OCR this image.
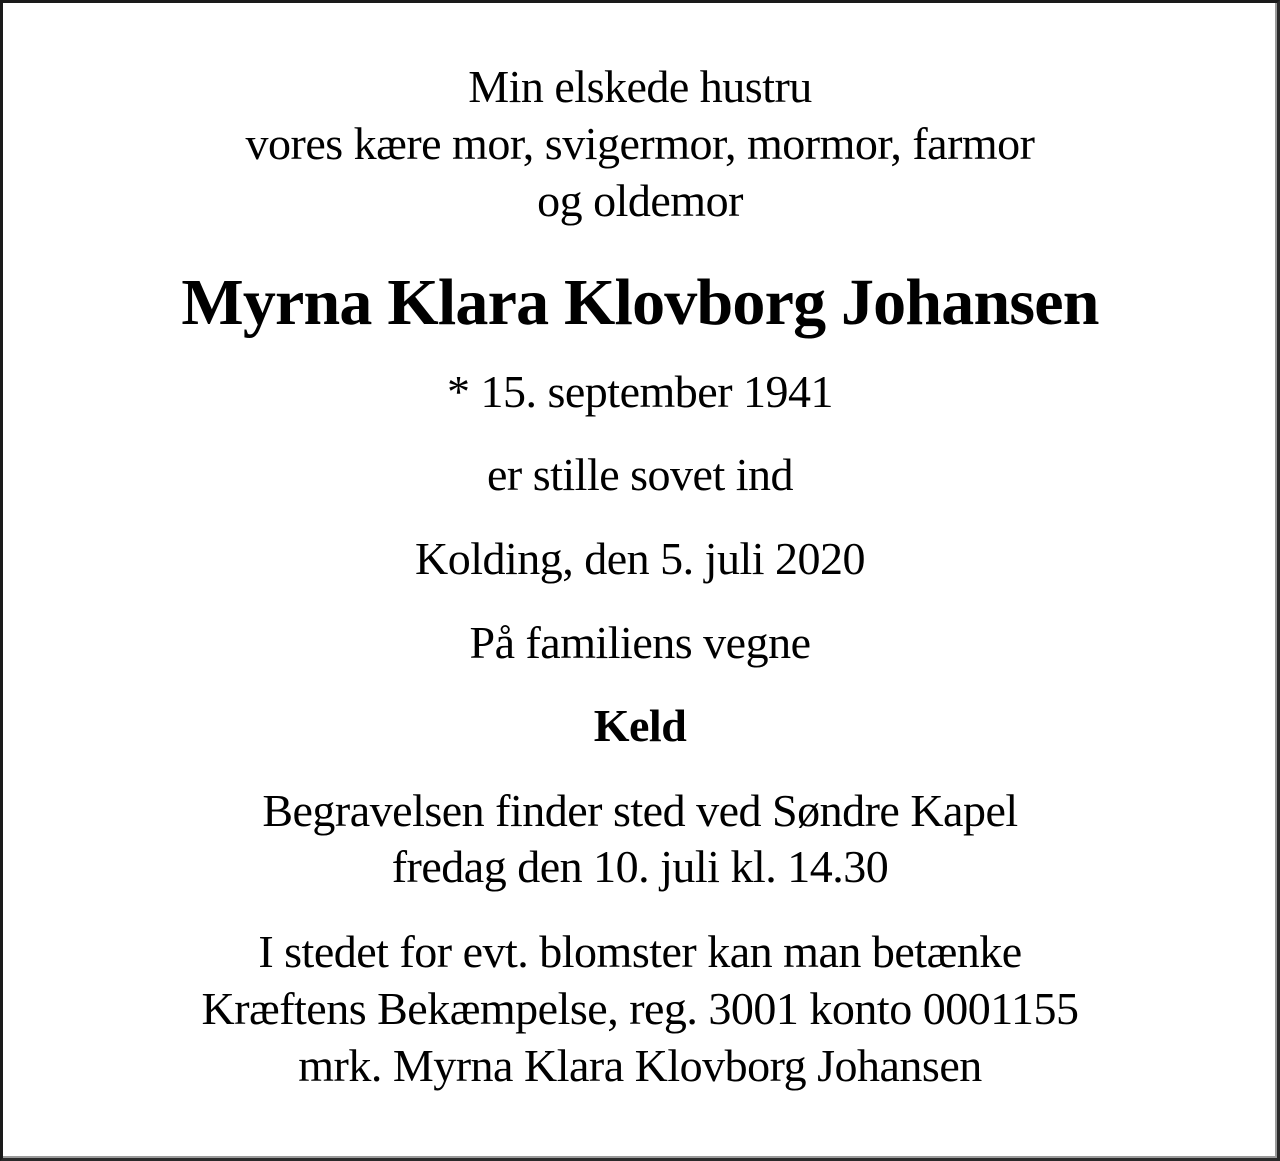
Min elskede hustru
vores kære mor, svigermor, mormor, farmor
og oldemor
Myrna Klara Klovborg Johansen
* 15. september 1941
er stille sovet ind
Kolding, den 5. juli 2020
På familiens vegne
Keld
Begravelsen finder sted ved Søndre Kapel
fredag den 10. juli kl. 14.30
I stedet for evt. blomster kan man betænke
Kræftens Bekæmpelse, reg. 3001 konto 0001155
mrk. Myrna Klara Klovborg Johansen
